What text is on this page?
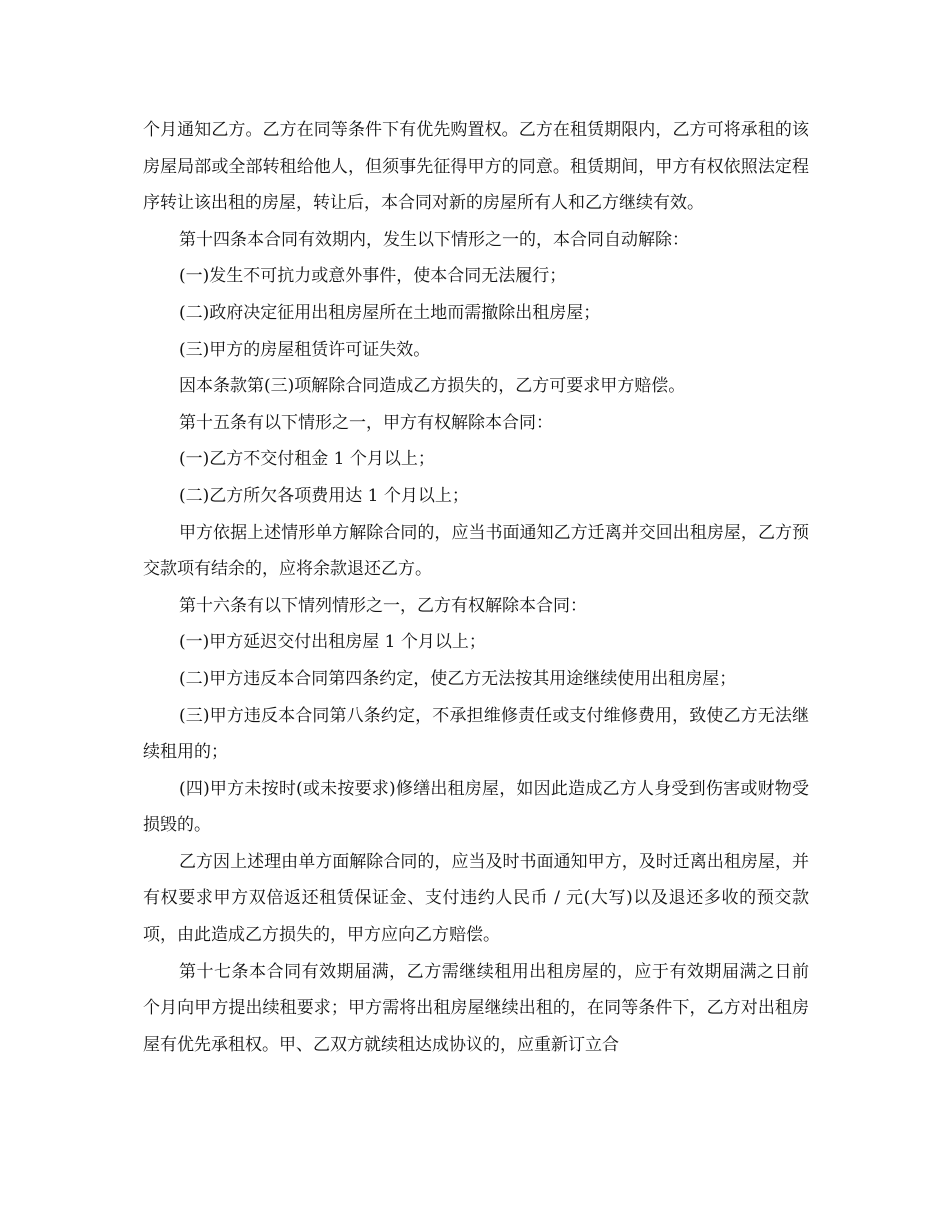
个月通知乙方。乙方在同等条件下有优先购置权。乙方在租赁期限内，乙方可将承租的该房屋局部或全部转租给他人，但须事先征得甲方的同意。租赁期间，甲方有权依照法定程序转让该出租的房屋，转让后，本合同对新的房屋所有人和乙方继续有效。

第十四条本合同有效期内，发生以下情形之一的，本合同自动解除：

(一)发生不可抗力或意外事件，使本合同无法履行；

(二)政府决定征用出租房屋所在土地而需撤除出租房屋；

(三)甲方的房屋租赁许可证失效。

因本条款第(三)项解除合同造成乙方损失的，乙方可要求甲方赔偿。

第十五条有以下情形之一，甲方有权解除本合同：

(一)乙方不交付租金 1 个月以上；

(二)乙方所欠各项费用达 1 个月以上；

甲方依据上述情形单方解除合同的，应当书面通知乙方迁离并交回出租房屋，乙方预交款项有结余的，应将余款退还乙方。

第十六条有以下情列情形之一，乙方有权解除本合同：

(一)甲方延迟交付出租房屋 1 个月以上；

(二)甲方违反本合同第四条约定，使乙方无法按其用途继续使用出租房屋；

(三)甲方违反本合同第八条约定，不承担维修责任或支付维修费用，致使乙方无法继续租用的；

(四)甲方未按时(或未按要求)修缮出租房屋，如因此造成乙方人身受到伤害或财物受损毁的。

乙方因上述理由单方面解除合同的，应当及时书面通知甲方，及时迁离出租房屋，并有权要求甲方双倍返还租赁保证金、支付违约人民币 / 元(大写)以及退还多收的预交款项，由此造成乙方损失的，甲方应向乙方赔偿。

第十七条本合同有效期届满，乙方需继续租用出租房屋的，应于有效期届满之日前 个月向甲方提出续租要求；甲方需将出租房屋继续出租的，在同等条件下，乙方对出租房屋有优先承租权。甲、乙双方就续租达成协议的，应重新订立合
